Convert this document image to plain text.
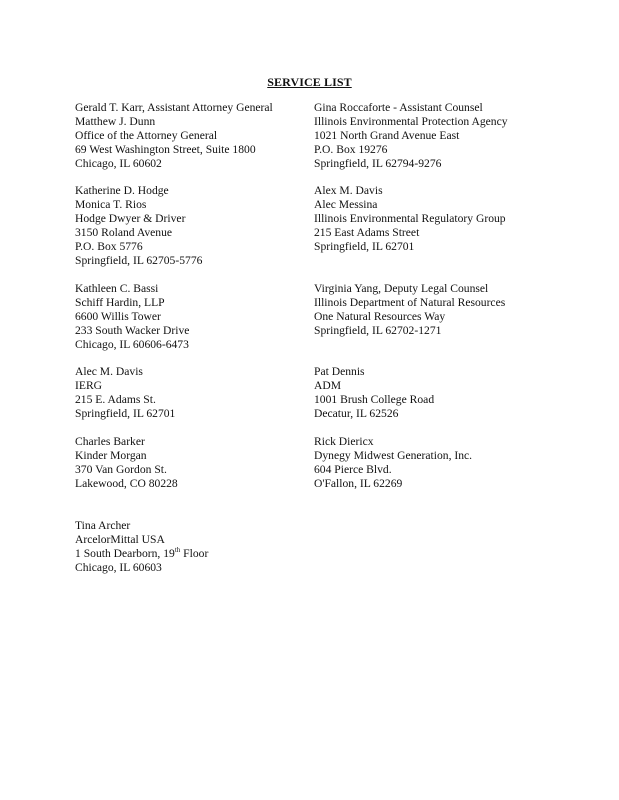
SERVICE LIST
Gerald T. Karr, Assistant Attorney General
Matthew J. Dunn
Office of the Attorney General
69 West Washington Street, Suite 1800
Chicago, IL 60602
Gina Roccaforte - Assistant Counsel
Illinois Environmental Protection Agency
1021 North Grand Avenue East
P.O. Box 19276
Springfield, IL 62794-9276
Katherine D. Hodge
Monica T. Rios
Hodge Dwyer & Driver
3150 Roland Avenue
P.O. Box 5776
Springfield, IL 62705-5776
Alex M. Davis
Alec Messina
Illinois Environmental Regulatory Group
215 East Adams Street
Springfield, IL 62701
Kathleen C. Bassi
Schiff Hardin, LLP
6600 Willis Tower
233 South Wacker Drive
Chicago, IL 60606-6473
Virginia Yang, Deputy Legal Counsel
Illinois Department of Natural Resources
One Natural Resources Way
Springfield, IL 62702-1271
Alec M. Davis
IERG
215 E. Adams St.
Springfield, IL 62701
Pat Dennis
ADM
1001 Brush College Road
Decatur, IL 62526
Charles Barker
Kinder Morgan
370 Van Gordon St.
Lakewood, CO 80228
Rick Diericx
Dynegy Midwest Generation, Inc.
604 Pierce Blvd.
O'Fallon, IL 62269
Tina Archer
ArcelorMittal USA
1 South Dearborn, 19th Floor
Chicago, IL 60603
